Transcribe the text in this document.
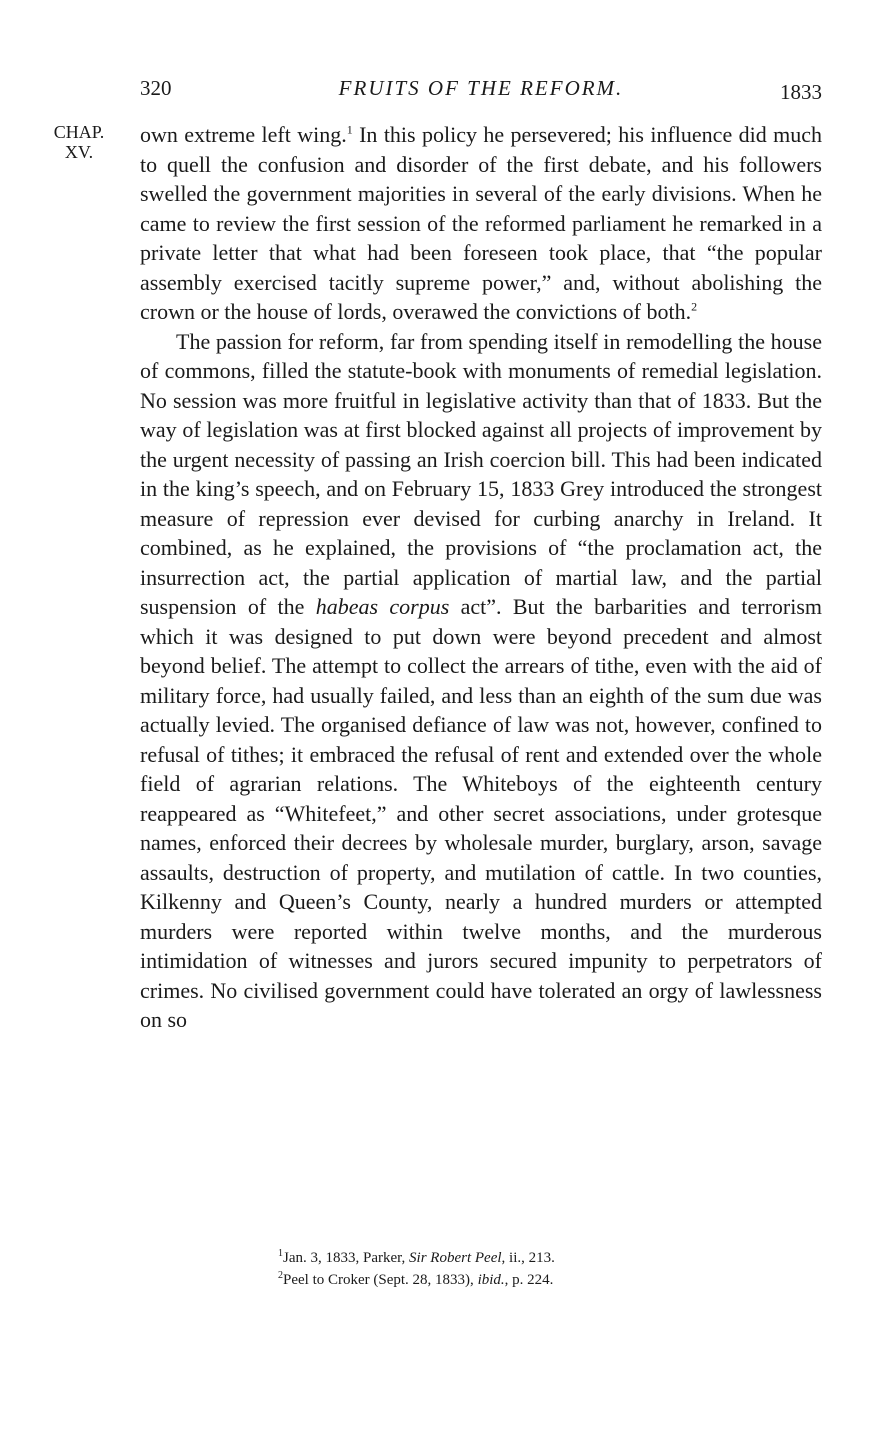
320	FRUITS OF THE REFORM.	1833
CHAP.
XV.

own extreme left wing.$^1$ In this policy he persevered; his influence did much to quell the confusion and disorder of the first debate, and his followers swelled the government majorities in several of the early divisions. When he came to review the first session of the reformed parliament he remarked in a private letter that what had been foreseen took place, that “the popular assembly exercised tacitly supreme power,” and, without abolishing the crown or the house of lords, overawed the convictions of both.$^2$

The passion for reform, far from spending itself in remodelling the house of commons, filled the statute-book with monuments of remedial legislation. No session was more fruitful in legislative activity than that of 1833. But the way of legislation was at first blocked against all projects of improvement by the urgent necessity of passing an Irish coercion bill. This had been indicated in the king’s speech, and on February 15, 1833 Grey introduced the strongest measure of repression ever devised for curbing anarchy in Ireland. It combined, as he explained, the provisions of “the proclamation act, the insurrection act, the partial application of martial law, and the partial suspension of the habeas corpus act”. But the barbarities and terrorism which it was designed to put down were beyond precedent and almost beyond belief. The attempt to collect the arrears of tithe, even with the aid of military force, had usually failed, and less than an eighth of the sum due was actually levied. The organised defiance of law was not, however, confined to refusal of tithes; it embraced the refusal of rent and extended over the whole field of agrarian relations. The Whiteboys of the eighteenth century reappeared as “Whitefeet,” and other secret associations, under grotesque names, enforced their decrees by wholesale murder, burglary, arson, savage assaults, destruction of property, and mutilation of cattle. In two counties, Kilkenny and Queen’s County, nearly a hundred murders or attempted murders were reported within twelve months, and the murderous intimidation of witnesses and jurors secured impunity to perpetrators of crimes. No civilised government could have tolerated an orgy of lawlessness on so

$^1$Jan. 3, 1833, Parker, Sir Robert Peel, ii., 213.
$^2$Peel to Croker (Sept. 28, 1833), ibid., p. 224.
